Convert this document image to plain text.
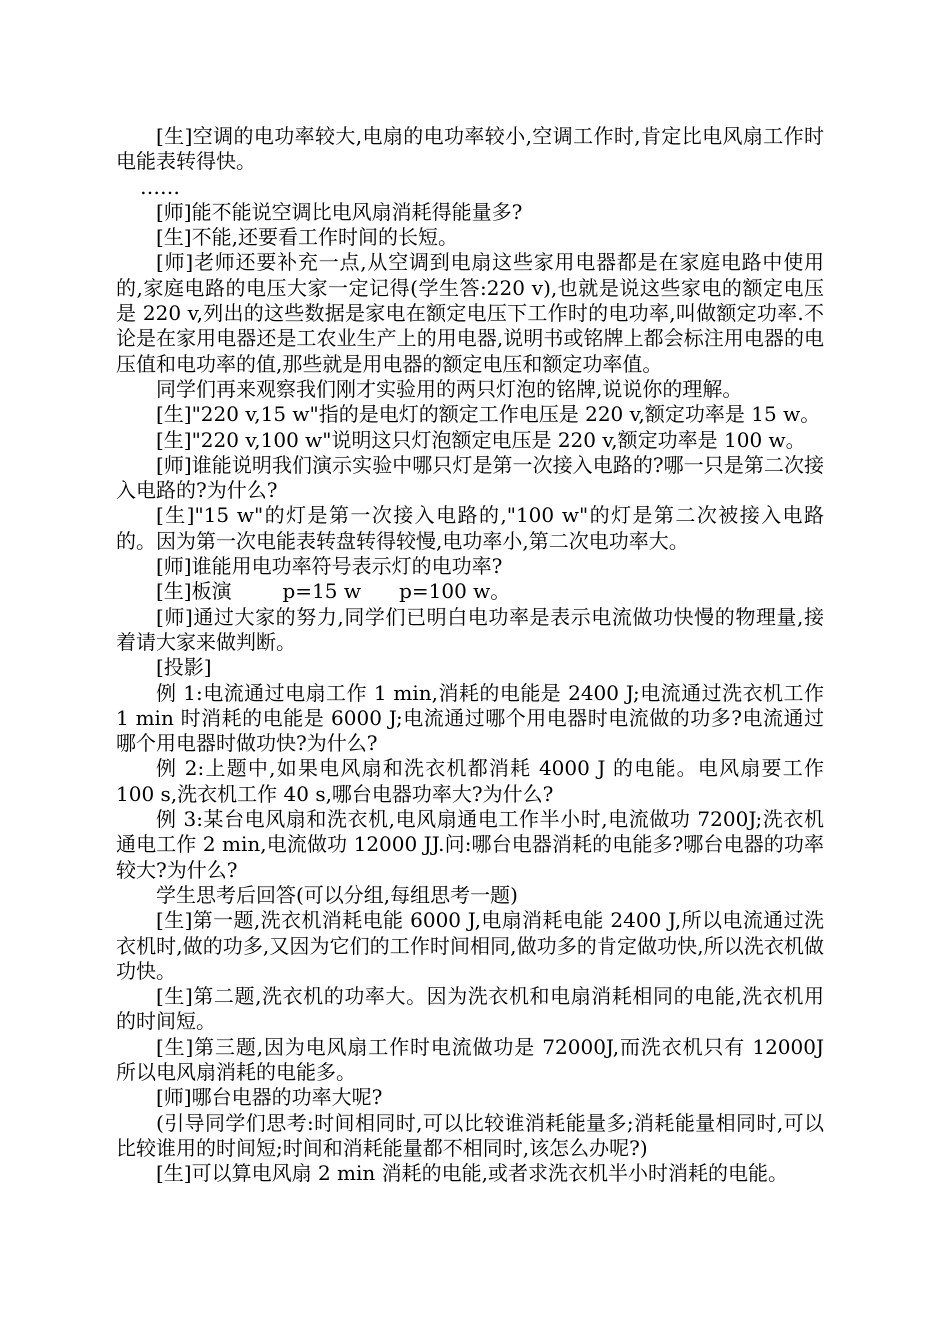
[生]空调的电功率较大,电扇的电功率较小,空调工作时,肯定比电风扇工作时电能表转得快。

……

[师]能不能说空调比电风扇消耗得能量多?

[生]不能,还要看工作时间的长短。

[师]老师还要补充一点,从空调到电扇这些家用电器都是在家庭电路中使用的,家庭电路的电压大家一定记得(学生答:220 v),也就是说这些家电的额定电压是 220 v,列出的这些数据是家电在额定电压下工作时的电功率,叫做额定功率.不论是在家用电器还是工农业生产上的用电器,说明书或铭牌上都会标注用电器的电压值和电功率的值,那些就是用电器的额定电压和额定功率值。

同学们再来观察我们刚才实验用的两只灯泡的铭牌,说说你的理解。

[生]"220 v,15 w"指的是电灯的额定工作电压是 220 v,额定功率是 15 w。

[生]"220 v,100 w"说明这只灯泡额定电压是 220 v,额定功率是 100 w。

[师]谁能说明我们演示实验中哪只灯是第一次接入电路的?哪一只是第二次接入电路的?为什么?

[生]"15 w"的灯是第一次接入电路的,"100 w"的灯是第二次被接入电路的。因为第一次电能表转盘转得较慢,电功率小,第二次电功率大。

[师]谁能用电功率符号表示灯的电功率?

[生]板演        p=15 w      p=100 w。

[师]通过大家的努力,同学们已明白电功率是表示电流做功快慢的物理量,接着请大家来做判断。

[投影]

例 1:电流通过电扇工作 1 min,消耗的电能是 2400 J;电流通过洗衣机工作 1 min 时消耗的电能是 6000 J;电流通过哪个用电器时电流做的功多?电流通过哪个用电器时做功快?为什么?

例 2:上题中,如果电风扇和洗衣机都消耗 4000 J 的电能。电风扇要工作 100 s,洗衣机工作 40 s,哪台电器功率大?为什么?

例 3:某台电风扇和洗衣机,电风扇通电工作半小时,电流做功 7200J;洗衣机通电工作 2 min,电流做功 12000 JJ.问:哪台电器消耗的电能多?哪台电器的功率较大?为什么?

学生思考后回答(可以分组,每组思考一题)

[生]第一题,洗衣机消耗电能 6000 J,电扇消耗电能 2400 J,所以电流通过洗衣机时,做的功多,又因为它们的工作时间相同,做功多的肯定做功快,所以洗衣机做功快。

[生]第二题,洗衣机的功率大。因为洗衣机和电扇消耗相同的电能,洗衣机用的时间短。

[生]第三题,因为电风扇工作时电流做功是 72000J,而洗衣机只有 12000J 所以电风扇消耗的电能多。

[师]哪台电器的功率大呢?

(引导同学们思考:时间相同时,可以比较谁消耗能量多;消耗能量相同时,可以比较谁用的时间短;时间和消耗能量都不相同时,该怎么办呢?)

[生]可以算电风扇 2 min 消耗的电能,或者求洗衣机半小时消耗的电能。
